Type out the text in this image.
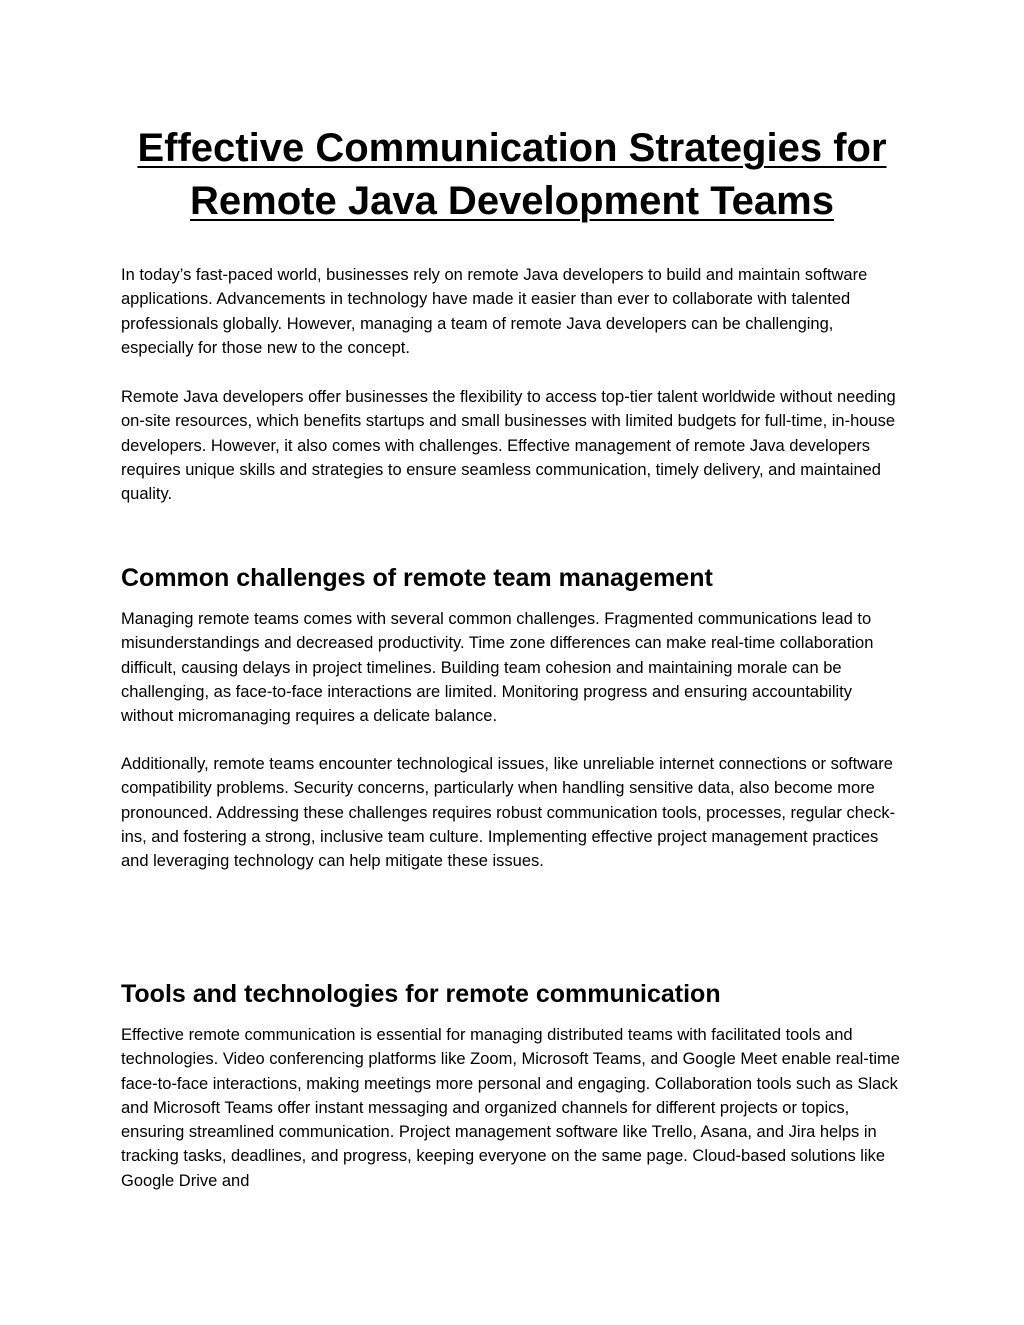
Effective Communication Strategies for Remote Java Development Teams

In today’s fast-paced world, businesses rely on remote Java developers to build and maintain software applications. Advancements in technology have made it easier than ever to collaborate with talented professionals globally. However, managing a team of remote Java developers can be challenging, especially for those new to the concept.

Remote Java developers offer businesses the flexibility to access top-tier talent worldwide without needing on-site resources, which benefits startups and small businesses with limited budgets for full-time, in-house developers. However, it also comes with challenges. Effective management of remote Java developers requires unique skills and strategies to ensure seamless communication, timely delivery, and maintained quality.

Common challenges of remote team management

Managing remote teams comes with several common challenges. Fragmented communications lead to misunderstandings and decreased productivity. Time zone differences can make real-time collaboration difficult, causing delays in project timelines. Building team cohesion and maintaining morale can be challenging, as face-to-face interactions are limited. Monitoring progress and ensuring accountability without micromanaging requires a delicate balance.

Additionally, remote teams encounter technological issues, like unreliable internet connections or software compatibility problems. Security concerns, particularly when handling sensitive data, also become more pronounced. Addressing these challenges requires robust communication tools, processes, regular check-ins, and fostering a strong, inclusive team culture. Implementing effective project management practices and leveraging technology can help mitigate these issues.

Tools and technologies for remote communication

Effective remote communication is essential for managing distributed teams with facilitated tools and technologies. Video conferencing platforms like Zoom, Microsoft Teams, and Google Meet enable real-time face-to-face interactions, making meetings more personal and engaging. Collaboration tools such as Slack and Microsoft Teams offer instant messaging and organized channels for different projects or topics, ensuring streamlined communication. Project management software like Trello, Asana, and Jira helps in tracking tasks, deadlines, and progress, keeping everyone on the same page. Cloud-based solutions like Google Drive and
